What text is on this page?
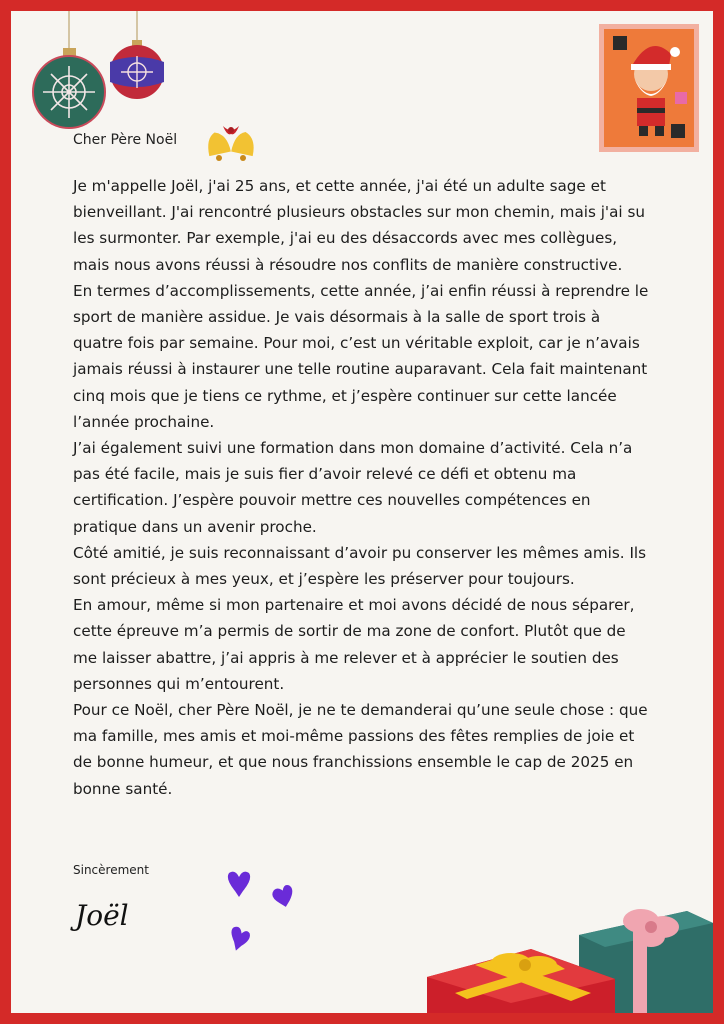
Cher Père Noël

Je m'appelle Joël, j'ai 25 ans, et cette année, j'ai été un adulte sage et bienveillant. J'ai rencontré plusieurs obstacles sur mon chemin, mais j'ai su les surmonter. Par exemple, j'ai eu des désaccords avec mes collègues, mais nous avons réussi à résoudre nos conflits de manière constructive.

En termes d’accomplissements, cette année, j’ai enfin réussi à reprendre le sport de manière assidue. Je vais désormais à la salle de sport trois à quatre fois par semaine. Pour moi, c’est un véritable exploit, car je n’avais jamais réussi à instaurer une telle routine auparavant. Cela fait maintenant cinq mois que je tiens ce rythme, et j’espère continuer sur cette lancée l’année prochaine.

J’ai également suivi une formation dans mon domaine d’activité. Cela n’a pas été facile, mais je suis fier d’avoir relevé ce défi et obtenu ma certification. J’espère pouvoir mettre ces nouvelles compétences en pratique dans un avenir proche.

Côté amitié, je suis reconnaissant d’avoir pu conserver les mêmes amis. Ils sont précieux à mes yeux, et j’espère les préserver pour toujours.

En amour, même si mon partenaire et moi avons décidé de nous séparer, cette épreuve m’a permis de sortir de ma zone de confort. Plutôt que de me laisser abattre, j’ai appris à me relever et à apprécier le soutien des personnes qui m’entourent.

Pour ce Noël, cher Père Noël, je ne te demanderai qu’une seule chose : que ma famille, mes amis et moi-même passions des fêtes remplies de joie et de bonne humeur, et que nous franchissions ensemble le cap de 2025 en bonne santé.

Sincèrement

Joël
